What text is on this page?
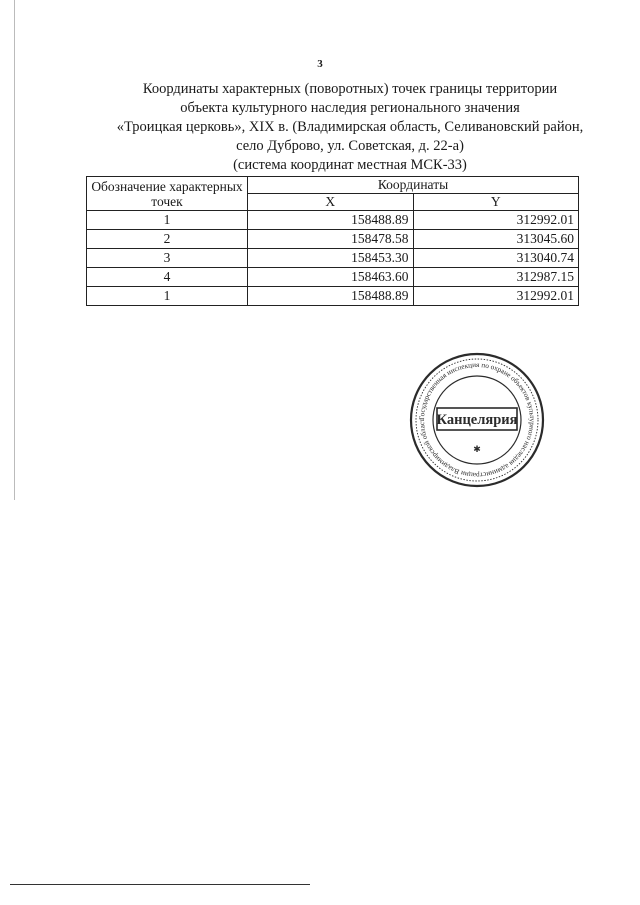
3
Координаты характерных (поворотных) точек границы территории
объекта культурного наследия регионального значения
«Троицкая церковь», XIX в. (Владимирская область, Селивановский район,
село Дуброво, ул. Советская, д. 22-а)
(система координат местная МСК-33)
Обозначение характерных точек	Координаты	
	X	Y
1	158488.89	312992.01
2	158478.58	313045.60
3	158453.30	313040.74
4	158463.60	312987.15
1	158488.89	312992.01
Государственная инспекция по охране объектов культурного наследия администрации Владимирской област Канцелярия
✱
